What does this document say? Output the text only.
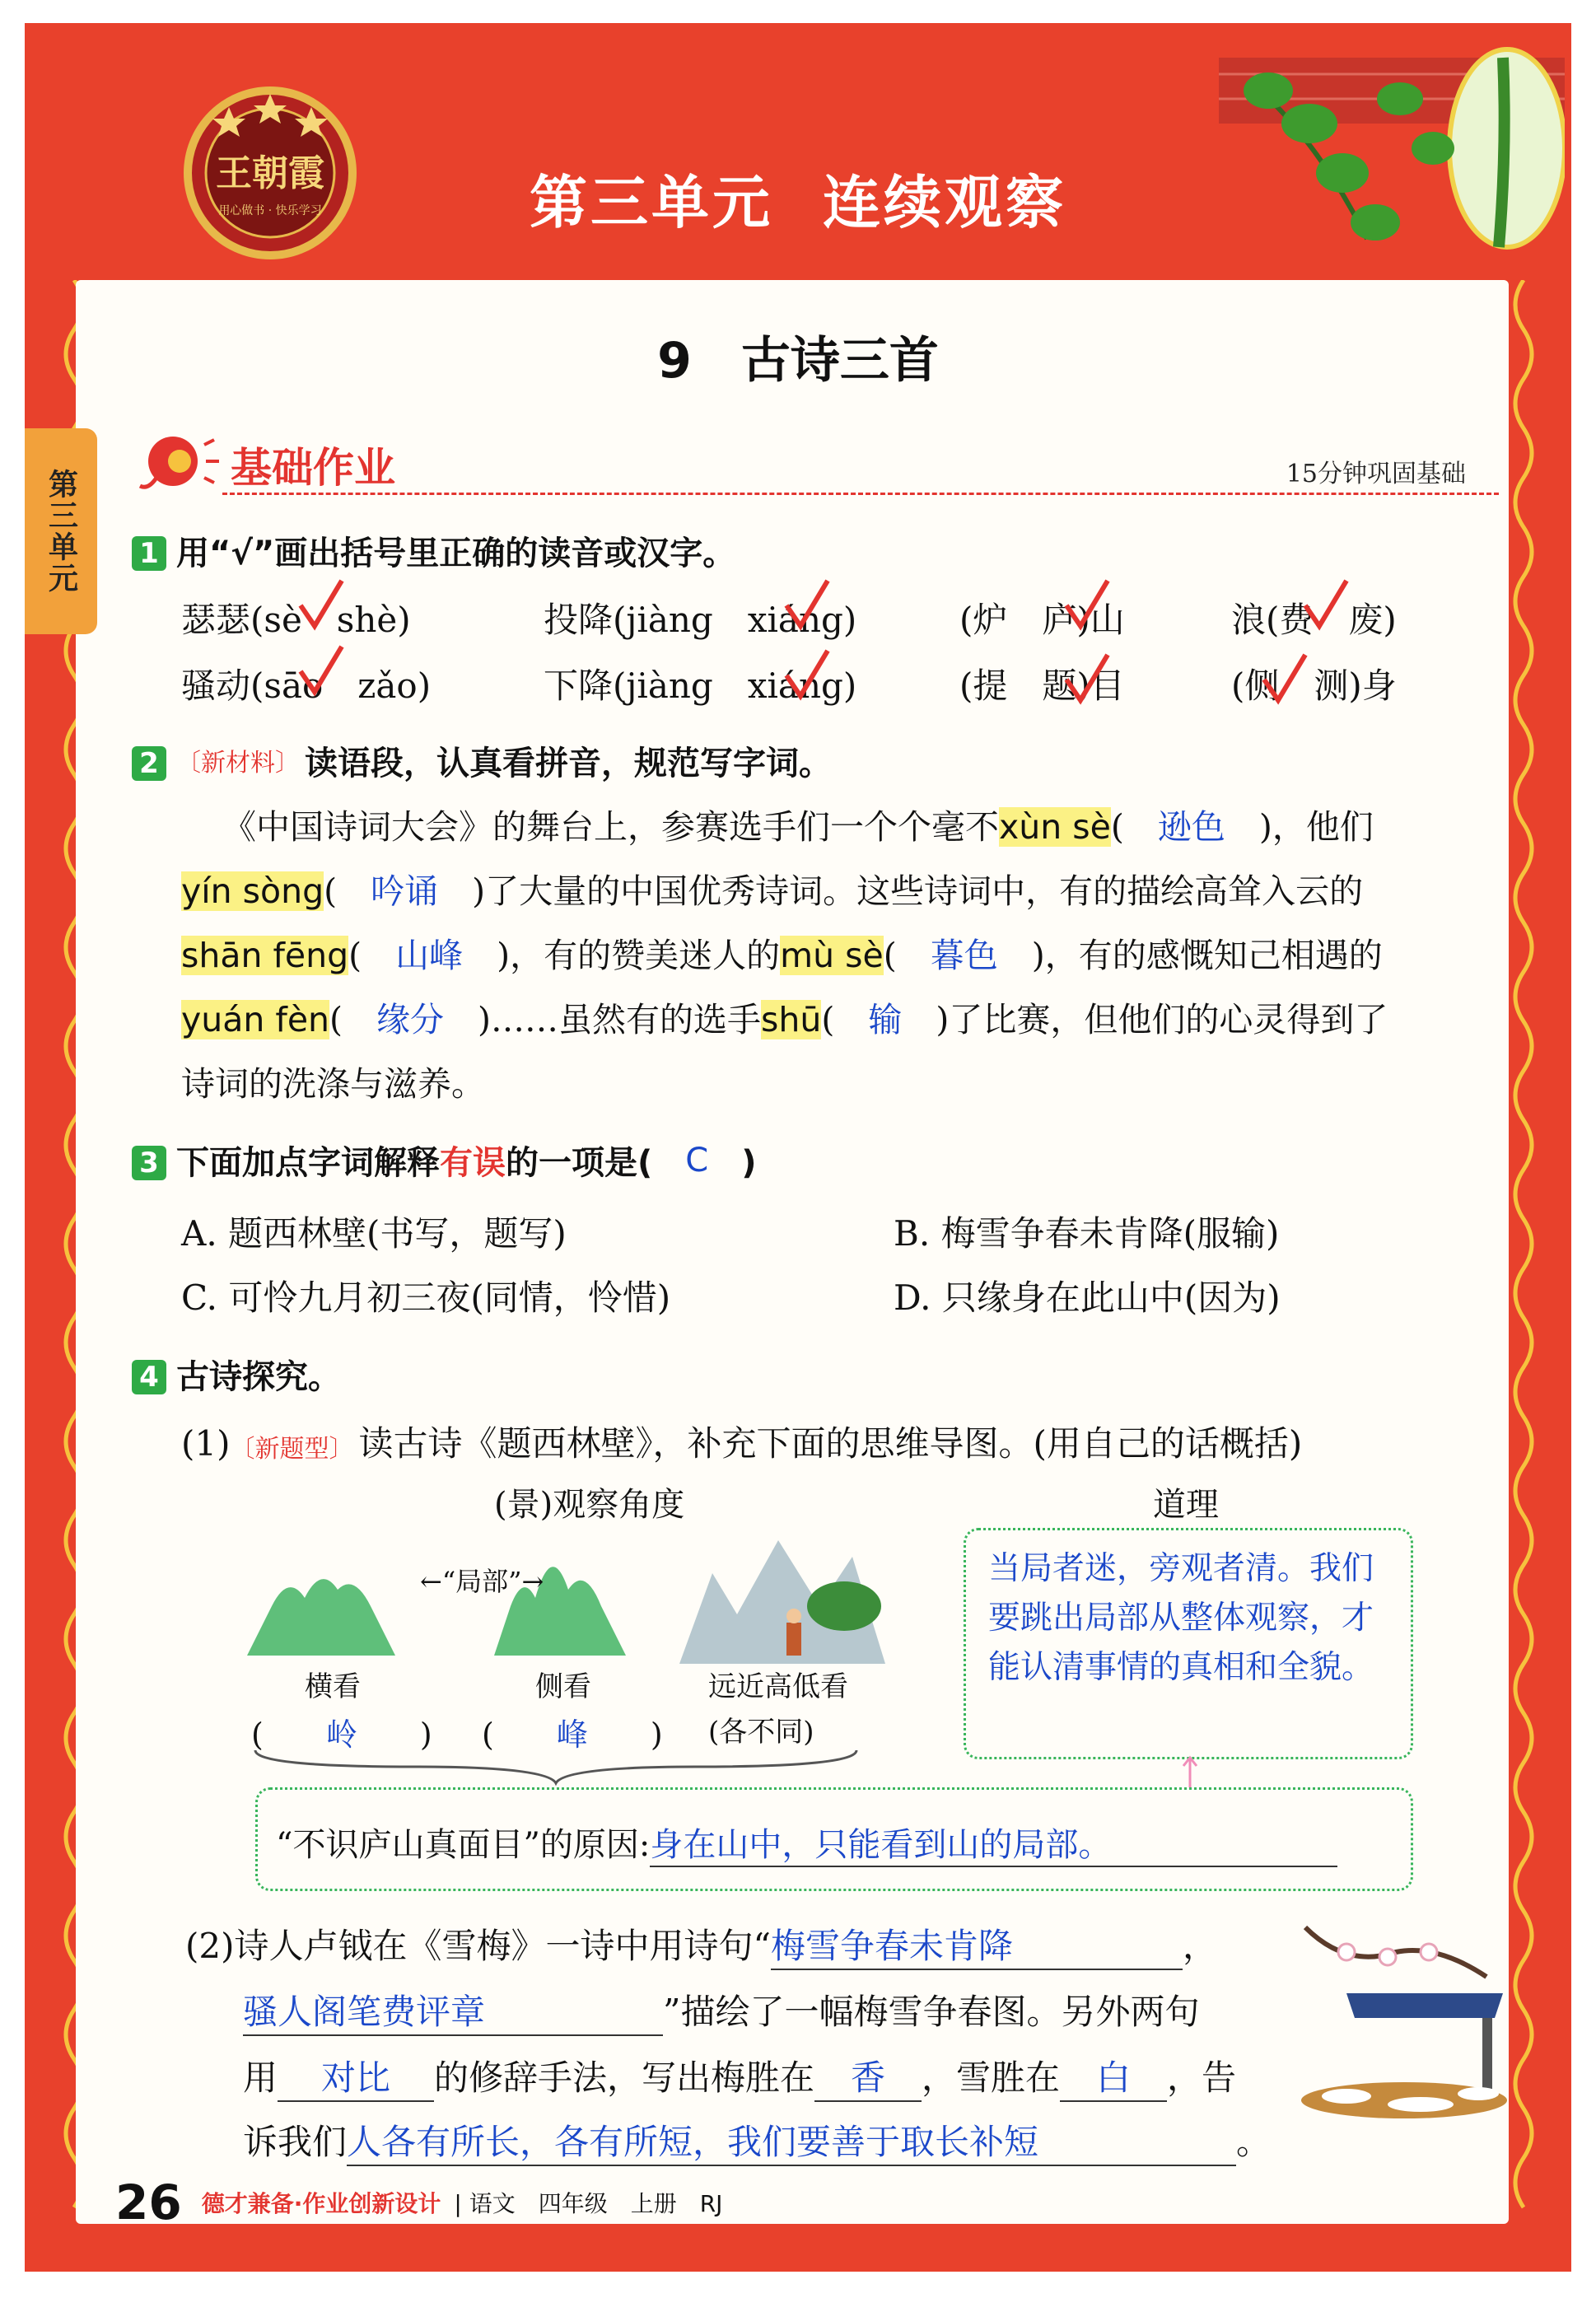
王朝霞
用心做书 · 快乐学习	第三单元 连续观察
第三单元
9　古诗三首
基础作业	15分钟巩固基础
1 用“√”画出括号里正确的读音或汉字。
瑟瑟(sè　shè)	投降(jiàng　xiáng)	(炉　庐)山	浪(费　废)
骚动(sāo　zǎo)	下降(jiàng　xiáng)	(提　题)目	(侧　测)身
2 〔新材料〕 读语段，认真看拼音，规范写字词。
《中国诗词大会》的舞台上，参赛选手们一个个毫不xùn sè(　逊色　)，他们
yín sòng(　吟诵　)了大量的中国优秀诗词。这些诗词中，有的描绘高耸入云的
shān fēng(　山峰　)，有的赞美迷人的mù sè(　暮色　)，有的感慨知己相遇的
yuán fèn(　缘分　)……虽然有的选手shū(　输　)了比赛，但他们的心灵得到了
诗词的洗涤与滋养。
3 下面加点字词解释有误的一项是(　 C　 )
A. 题西林壁(书写，题写)	B. 梅雪争春未肯降(服输)
C. 可怜九月初三夜(同情，怜惜)	D. 只缘身在此山中(因为)
4 古诗探究。
(1)〔新题型〕 读古诗《题西林壁》，补充下面的思维导图。(用自己的话概括)
(景)观察角度	道理
←“局部”→
横看	侧看	远近高低看
(　　岭　　) (　　峰　　) (各不同)
当局者迷，旁观者清。我们要跳出局部从整体观察，才能认清事情的真相和全貌。
“不识庐山真面目”的原因:身在山中，只能看到山的局部。
(2)诗人卢钺在《雪梅》一诗中用诗句“梅雪争春未肯降	，
骚人阁笔费评章	”描绘了一幅梅雪争春图。另外两句
用 对比 的修辞手法，写出梅胜在 香 ，雪胜在 白 ，告
诉我们人各有所长，各有所短，我们要善于取长补短	。
26 德才兼备·作业创新设计　 | 语文　四年级　上册　RJ
